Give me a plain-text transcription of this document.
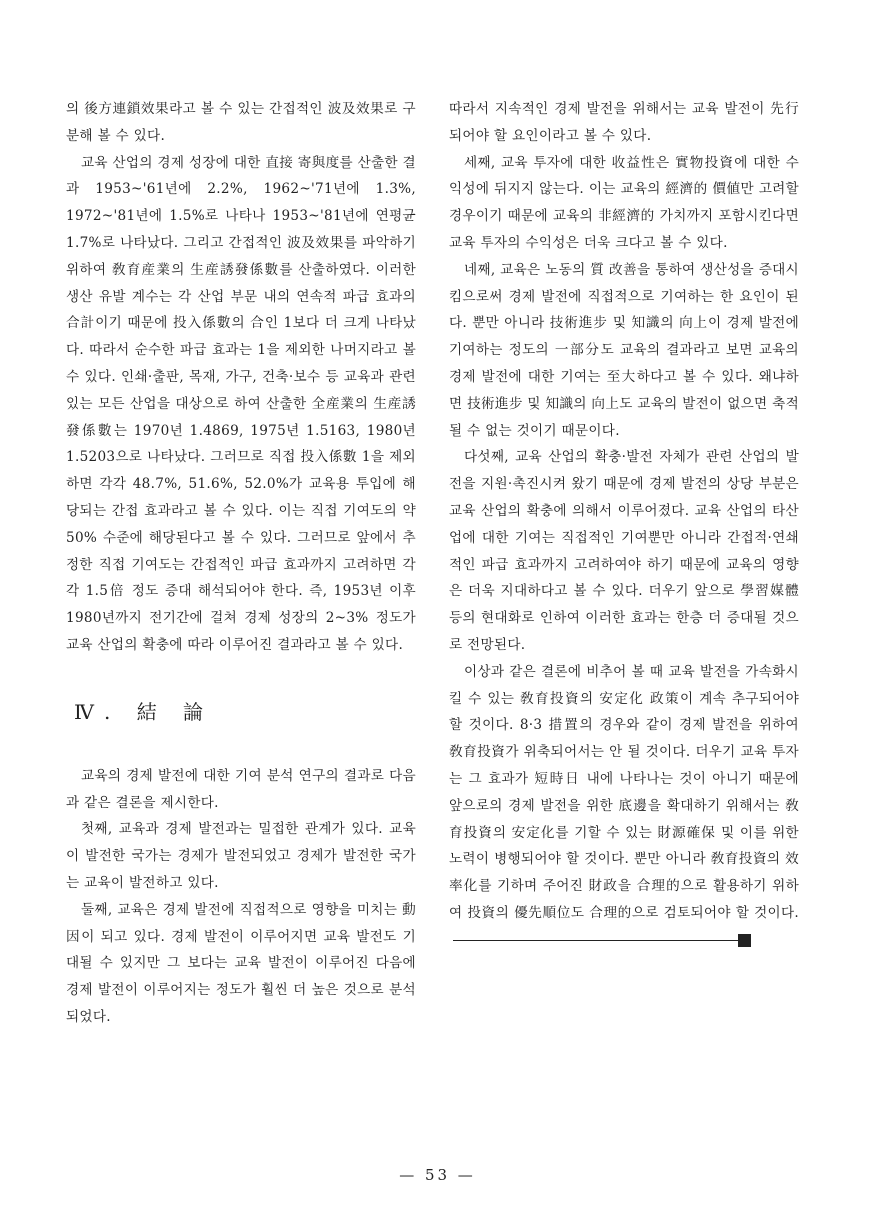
의 後方連鎖效果라고 볼 수 있는 간접적인 波及效果로 구분해 볼 수 있다.

교육 산업의 경제 성장에 대한 直接 寄與度를 산출한 결과 1953~'61년에 2.2%, 1962~'71년에 1.3%, 1972~'81년에 1.5%로 나타나 1953~'81년에 연평균 1.7%로 나타났다. 그리고 간접적인 波及效果를 파악하기 위하여 敎育産業의 生産誘發係數를 산출하였다. 이러한 생산 유발 계수는 각 산업 부문 내의 연속적 파급 효과의 合計이기 때문에 投入係數의 合인 1보다 더 크게 나타났다. 따라서 순수한 파급 효과는 1을 제외한 나머지라고 볼 수 있다. 인쇄·출판, 목재, 가구, 건축·보수 등 교육과 관련있는 모든 산업을 대상으로 하여 산출한 全産業의 生産誘發係數는 1970년 1.4869, 1975년 1.5163, 1980년 1.5203으로 나타났다. 그러므로 직접 投入係數 1을 제외하면 각각 48.7%, 51.6%, 52.0%가 교육용 투입에 해당되는 간접 효과라고 볼 수 있다. 이는 직접 기여도의 약 50% 수준에 해당된다고 볼 수 있다. 그러므로 앞에서 추정한 직접 기여도는 간접적인 파급 효과까지 고려하면 각각 1.5倍 정도 증대 해석되어야 한다. 즉, 1953년 이후 1980년까지 전기간에 걸쳐 경제 성장의 2~3% 정도가 교육 산업의 확충에 따라 이루어진 결과라고 볼 수 있다.

Ⅳ. 結 論

교육의 경제 발전에 대한 기여 분석 연구의 결과로 다음과 같은 결론을 제시한다.

첫째, 교육과 경제 발전과는 밀접한 관계가 있다. 교육이 발전한 국가는 경제가 발전되었고 경제가 발전한 국가는 교육이 발전하고 있다.

둘째, 교육은 경제 발전에 직접적으로 영향을 미치는 動因이 되고 있다. 경제 발전이 이루어지면 교육 발전도 기대될 수 있지만 그 보다는 교육 발전이 이루어진 다음에 경제 발전이 이루어지는 정도가 훨씬 더 높은 것으로 분석되었다.

따라서 지속적인 경제 발전을 위해서는 교육 발전이 先行되어야 할 요인이라고 볼 수 있다.

세째, 교육 투자에 대한 收益性은 實物投資에 대한 수익성에 뒤지지 않는다. 이는 교육의 經濟的 價値만 고려할 경우이기 때문에 교육의 非經濟的 가치까지 포함시킨다면 교육 투자의 수익성은 더욱 크다고 볼 수 있다.

네째, 교육은 노동의 質 改善을 통하여 생산성을 증대시킴으로써 경제 발전에 직접적으로 기여하는 한 요인이 된다. 뿐만 아니라 技術進步 및 知識의 向上이 경제 발전에 기여하는 정도의 一部分도 교육의 결과라고 보면 교육의 경제 발전에 대한 기여는 至大하다고 볼 수 있다. 왜냐하면 技術進步 및 知識의 向上도 교육의 발전이 없으면 축적될 수 없는 것이기 때문이다.

다섯째, 교육 산업의 확충·발전 자체가 관련 산업의 발전을 지원·촉진시켜 왔기 때문에 경제 발전의 상당 부분은 교육 산업의 확충에 의해서 이루어졌다. 교육 산업의 타산업에 대한 기여는 직접적인 기여뿐만 아니라 간접적·연쇄적인 파급 효과까지 고려하여야 하기 때문에 교육의 영향은 더욱 지대하다고 볼 수 있다. 더우기 앞으로 學習媒體 등의 현대화로 인하여 이러한 효과는 한층 더 증대될 것으로 전망된다.

이상과 같은 결론에 비추어 볼 때 교육 발전을 가속화시킬 수 있는 敎育投資의 安定化 政策이 계속 추구되어야 할 것이다. 8·3 措置의 경우와 같이 경제 발전을 위하여 敎育投資가 위축되어서는 안 될 것이다. 더우기 교육 투자는 그 효과가 短時日 내에 나타나는 것이 아니기 때문에 앞으로의 경제 발전을 위한 底邊을 확대하기 위해서는 敎育投資의 安定化를 기할 수 있는 財源確保 및 이를 위한 노력이 병행되어야 할 것이다. 뿐만 아니라 敎育投資의 效率化를 기하며 주어진 財政을 合理的으로 활용하기 위하여 投資의 優先順位도 合理的으로 검토되어야 할 것이다.✕

— 53 —
